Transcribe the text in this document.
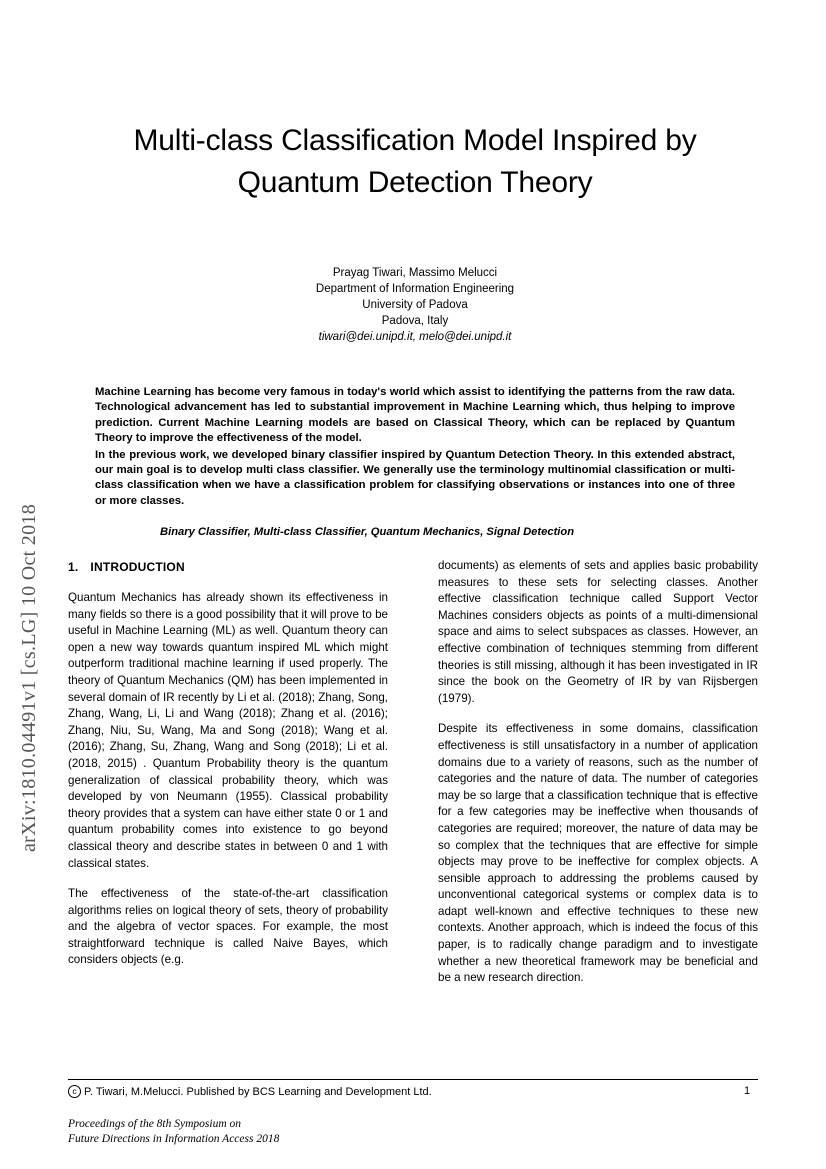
arXiv:1810.04491v1 [cs.LG] 10 Oct 2018
Multi-class Classification Model Inspired by Quantum Detection Theory
Prayag Tiwari, Massimo Melucci
Department of Information Engineering
University of Padova
Padova, Italy
tiwari@dei.unipd.it, melo@dei.unipd.it

Machine Learning has become very famous in today's world which assist to identifying the patterns from the raw data. Technological advancement has led to substantial improvement in Machine Learning which, thus helping to improve prediction. Current Machine Learning models are based on Classical Theory, which can be replaced by Quantum Theory to improve the effectiveness of the model.

In the previous work, we developed binary classifier inspired by Quantum Detection Theory. In this extended abstract, our main goal is to develop multi class classifier. We generally use the terminology multinomial classification or multi-class classification when we have a classification problem for classifying observations or instances into one of three or more classes.

Binary Classifier, Multi-class Classifier, Quantum Mechanics, Signal Detection
1. INTRODUCTION

Quantum Mechanics has already shown its effectiveness in many fields so there is a good possibility that it will prove to be useful in Machine Learning (ML) as well. Quantum theory can open a new way towards quantum inspired ML which might outperform traditional machine learning if used properly. The theory of Quantum Mechanics (QM) has been implemented in several domain of IR recently by Li et al. (2018); Zhang, Song, Zhang, Wang, Li, Li and Wang (2018); Zhang et al. (2016); Zhang, Niu, Su, Wang, Ma and Song (2018); Wang et al. (2016); Zhang, Su, Zhang, Wang and Song (2018); Li et al. (2018, 2015) . Quantum Probability theory is the quantum generalization of classical probability theory, which was developed by von Neumann (1955). Classical probability theory provides that a system can have either state 0 or 1 and quantum probability comes into existence to go beyond classical theory and describe states in between 0 and 1 with classical states.

The effectiveness of the state-of-the-art classification algorithms relies on logical theory of sets, theory of probability and the algebra of vector spaces. For example, the most straightforward technique is called Naive Bayes, which considers objects (e.g.

documents) as elements of sets and applies basic probability measures to these sets for selecting classes. Another effective classification technique called Support Vector Machines considers objects as points of a multi-dimensional space and aims to select subspaces as classes. However, an effective combination of techniques stemming from different theories is still missing, although it has been investigated in IR since the book on the Geometry of IR by van Rijsbergen (1979).

Despite its effectiveness in some domains, classification effectiveness is still unsatisfactory in a number of application domains due to a variety of reasons, such as the number of categories and the nature of data. The number of categories may be so large that a classification technique that is effective for a few categories may be ineffective when thousands of categories are required; moreover, the nature of data may be so complex that the techniques that are effective for simple objects may prove to be ineffective for complex objects. A sensible approach to addressing the problems caused by unconventional categorical systems or complex data is to adapt well-known and effective techniques to these new contexts. Another approach, which is indeed the focus of this paper, is to radically change paradigm and to investigate whether a new theoretical framework may be beneficial and be a new research direction.

c P. Tiwari, M.Melucci. Published by BCS Learning and Development Ltd.	1
Proceedings of the 8th Symposium on
Future Directions in Information Access 2018
